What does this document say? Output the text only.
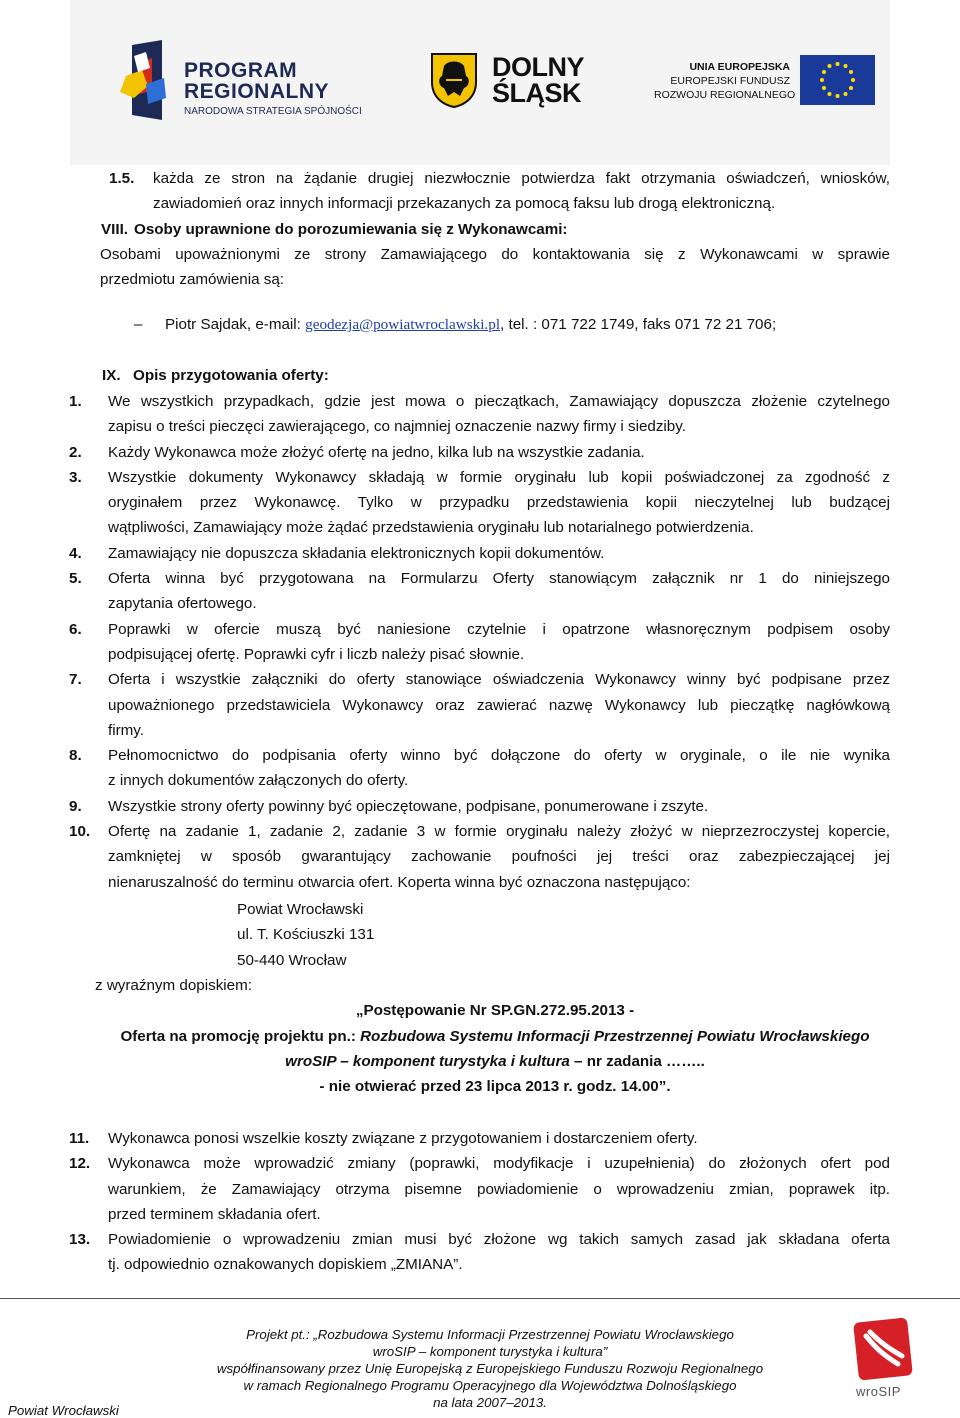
PROGRAM
REGIONALNY
NARODOWA STRATEGIA SPÓJNOŚCI
DOLNY
ŚLĄSK
UNIA EUROPEJSKA
EUROPEJSKI FUNDUSZ
ROZWOJU REGIONALNEGO
1.5. każda ze stron na żądanie drugiej niezwłocznie potwierdza fakt otrzymania oświadczeń, wniosków,
zawiadomień oraz innych informacji przekazanych za pomocą faksu lub drogą elektroniczną.
VIII. Osoby uprawnione do porozumiewania się z Wykonawcami:
Osobami upoważnionymi ze strony Zamawiającego do kontaktowania się z Wykonawcami w sprawie
przedmiotu zamówienia są:
– Piotr Sajdak, e-mail: geodezja@powiatwroclawski.pl, tel. : 071 722 1749, faks 071 72 21 706;
IX. Opis przygotowania oferty:
1. We wszystkich przypadkach, gdzie jest mowa o pieczątkach, Zamawiający dopuszcza złożenie czytelnego
zapisu o treści pieczęci zawierającego, co najmniej oznaczenie nazwy firmy i siedziby.
2. Każdy Wykonawca może złożyć ofertę na jedno, kilka lub na wszystkie zadania.
3. Wszystkie dokumenty Wykonawcy składają w formie oryginału lub kopii poświadczonej za zgodność z
oryginałem przez Wykonawcę. Tylko w przypadku przedstawienia kopii nieczytelnej lub budzącej
wątpliwości, Zamawiający może żądać przedstawienia oryginału lub notarialnego potwierdzenia.
4. Zamawiający nie dopuszcza składania elektronicznych kopii dokumentów.
5. Oferta winna być przygotowana na Formularzu Oferty stanowiącym załącznik nr 1 do niniejszego
zapytania ofertowego.
6. Poprawki w ofercie muszą być naniesione czytelnie i opatrzone własnoręcznym podpisem osoby
podpisującej ofertę. Poprawki cyfr i liczb należy pisać słownie.
7. Oferta i wszystkie załączniki do oferty stanowiące oświadczenia Wykonawcy winny być podpisane przez
upoważnionego przedstawiciela Wykonawcy oraz zawierać nazwę Wykonawcy lub pieczątkę nagłówkową
firmy.
8. Pełnomocnictwo do podpisania oferty winno być dołączone do oferty w oryginale, o ile nie wynika
z innych dokumentów załączonych do oferty.
9. Wszystkie strony oferty powinny być opieczętowane, podpisane, ponumerowane i zszyte.
10. Ofertę na zadanie 1, zadanie 2, zadanie 3 w formie oryginału należy złożyć w nieprzezroczystej kopercie,
zamkniętej w sposób gwarantujący zachowanie poufności jej treści oraz zabezpieczającej jej
nienaruszalność do terminu otwarcia ofert. Koperta winna być oznaczona następująco:
Powiat Wrocławski
ul. T. Kościuszki 131
50-440 Wrocław
z wyraźnym dopiskiem:
„Postępowanie Nr SP.GN.272.95.2013 -
Oferta na promocję projektu pn.: Rozbudowa Systemu Informacji Przestrzennej Powiatu Wrocławskiego
wroSIP – komponent turystyka i kultura – nr zadania ……..
- nie otwierać przed 23 lipca 2013 r. godz. 14.00”.
11. Wykonawca ponosi wszelkie koszty związane z przygotowaniem i dostarczeniem oferty.
12. Wykonawca może wprowadzić zmiany (poprawki, modyfikacje i uzupełnienia) do złożonych ofert pod
warunkiem, że Zamawiający otrzyma pisemne powiadomienie o wprowadzeniu zmian, poprawek itp.
przed terminem składania ofert.
13. Powiadomienie o wprowadzeniu zmian musi być złożone wg takich samych zasad jak składana oferta
tj. odpowiednio oznakowanych dopiskiem „ZMIANA”.
Projekt pt.: „Rozbudowa Systemu Informacji Przestrzennej Powiatu Wrocławskiego
wroSIP – komponent turystyka i kultura”
współfinansowany przez Unię Europejską z Europejskiego Funduszu Rozwoju Regionalnego
w ramach Regionalnego Programu Operacyjnego dla Województwa Dolnośląskiego
na lata 2007–2013.
Powiat Wrocławski
wroSIP
